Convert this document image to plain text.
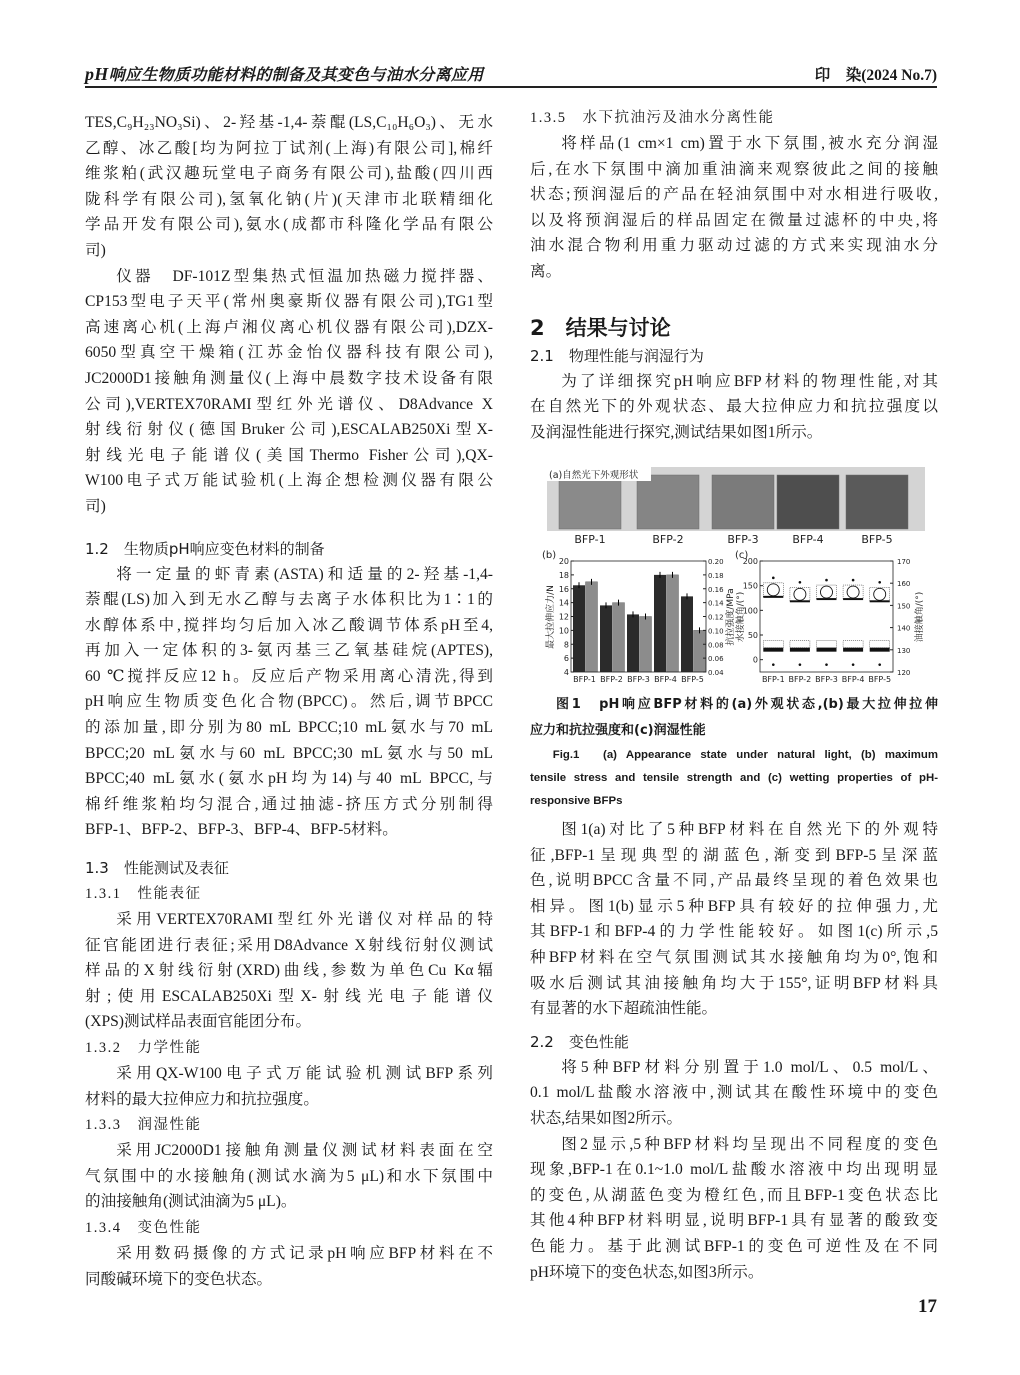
pH响应生物质功能材料的制备及其变色与油水分离应用	印　染(2024 No.7)
TES,C₉H₂₃NO₃Si)、2-羟基-1,4-萘醌(LS,C₁₀H₆O₃)、无水
乙醇、冰乙酸[均为阿拉丁试剂(上海)有限公司],棉纤
维浆粕(武汉趣玩堂电子商务有限公司),盐酸(四川西
陇科学有限公司),氢氧化钠(片)(天津市北联精细化
学品开发有限公司),氨水(成都市科隆化学品有限公
司)
仪器　DF-101Z型集热式恒温加热磁力搅拌器、
CP153型电子天平(常州奥豪斯仪器有限公司),TG1型
高速离心机(上海卢湘仪离心机仪器有限公司),DZX-
6050型真空干燥箱(江苏金怡仪器科技有限公司),
JC2000D1接触角测量仪(上海中晨数字技术设备有限
公司),VERTEX70RAMI型红外光谱仪、D8Advance X
射线衍射仪(德国Bruker公司),ESCALAB250Xi型X-
射线光电子能谱仪(美国Thermo Fisher公司),QX-
W100电子式万能试验机(上海企想检测仪器有限公
司)
1.2　生物质pH响应变色材料的制备
将一定量的虾青素(ASTA)和适量的2-羟基-1,4-
萘醌(LS)加入到无水乙醇与去离子水体积比为1∶1的
水醇体系中,搅拌均匀后加入冰乙酸调节体系pH至4,
再加入一定体积的3-氨丙基三乙氧基硅烷(APTES),
60 ℃搅拌反应12 h。反应后产物采用离心清洗,得到
pH响应生物质变色化合物(BPCC)。然后,调节BPCC
的添加量,即分别为80 mL BPCC;10 mL氨水与70 mL
BPCC;20 mL氨水与60 mL BPCC;30 mL氨水与50 mL
BPCC;40 mL氨水(氨水pH均为14)与40 mL BPCC,与
棉纤维浆粕均匀混合,通过抽滤-挤压方式分别制得
BFP-1、BFP-2、BFP-3、BFP-4、BFP-5材料。
1.3　性能测试及表征
1.3.1　性能表征
采用VERTEX70RAMI型红外光谱仪对样品的特
征官能团进行表征;采用D8Advance X射线衍射仪测试
样品的X射线衍射(XRD)曲线,参数为单色Cu Kα辐
射;使用ESCALAB250Xi型X-射线光电子能谱仪
(XPS)测试样品表面官能团分布。
1.3.2　力学性能
采用QX-W100电子式万能试验机测试BFP系列
材料的最大拉伸应力和抗拉强度。
1.3.3　润湿性能
采用JC2000D1接触角测量仪测试材料表面在空
气氛围中的水接触角(测试水滴为5 μL)和水下氛围中
的油接触角(测试油滴为5 μL)。
1.3.4　变色性能
采用数码摄像的方式记录pH响应BFP材料在不
同酸碱环境下的变色状态。
1.3.5　水下抗油污及油水分离性能
将样品(1 cm×1 cm)置于水下氛围,被水充分润湿
后,在水下氛围中滴加重油滴来观察彼此之间的接触
状态;预润湿后的产品在轻油氛围中对水相进行吸收,
以及将预润湿后的样品固定在微量过滤杯的中央,将
油水混合物利用重力驱动过滤的方式来实现油水分
离。
2　结果与讨论
2.1　物理性能与润湿行为
为了详细探究pH响应BFP材料的物理性能,对其
在自然光下的外观状态、最大拉伸应力和抗拉强度以
及润湿性能进行探究,测试结果如图1所示。
BFP-1	BFP-2	BFP-3	BFP-4	BFP-5
(a)自然光下外观形状
(b)
BFP-1 BFP-2 BFP-3 BFP-4 BFP-5
4
6
8
10
12
14
16
18
20
0.04
0.06
0.08
0.10
0.12
0.14
0.16
0.18
0.20
最大拉伸应力/N	抗拉强度/MPa
(c)
BFP-1 BFP-2 BFP-3 BFP-4 BFP-5
0
50
100
150
200
120
130
140
150
160
170
水接触角/(°)	油接触角/(°)
图1　pH响应BFP材料的(a)外观状态,(b)最大拉伸拉伸
应力和抗拉强度和(c)润湿性能
Fig.1　(a) Appearance state under natural light, (b) maximum
tensile stress and tensile strength and (c) wetting properties of pH-
responsive BFPs
图1(a)对比了5种BFP材料在自然光下的外观特
征,BFP-1呈现典型的湖蓝色,渐变到BFP-5呈深蓝
色,说明BPCC含量不同,产品最终呈现的着色效果也
相异。图1(b)显示5种BFP具有较好的拉伸强力,尤
其BFP-1和BFP-4的力学性能较好。如图1(c)所示,5
种BFP材料在空气氛围测试其水接触角均为0°,饱和
吸水后测试其油接触角均大于155°,证明BFP材料具
有显著的水下超疏油性能。
2.2　变色性能
将5种BFP材料分别置于1.0 mol/L、0.5 mol/L、
0.1 mol/L盐酸水溶液中,测试其在酸性环境中的变色
状态,结果如图2所示。
图2显示,5种BFP材料均呈现出不同程度的变色
现象,BFP-1在0.1~1.0 mol/L盐酸水溶液中均出现明显
的变色,从湖蓝色变为橙红色,而且BFP-1变色状态比
其他4种BFP材料明显,说明BFP-1具有显著的酸致变
色能力。基于此测试BFP-1的变色可逆性及在不同
pH环境下的变色状态,如图3所示。
17
